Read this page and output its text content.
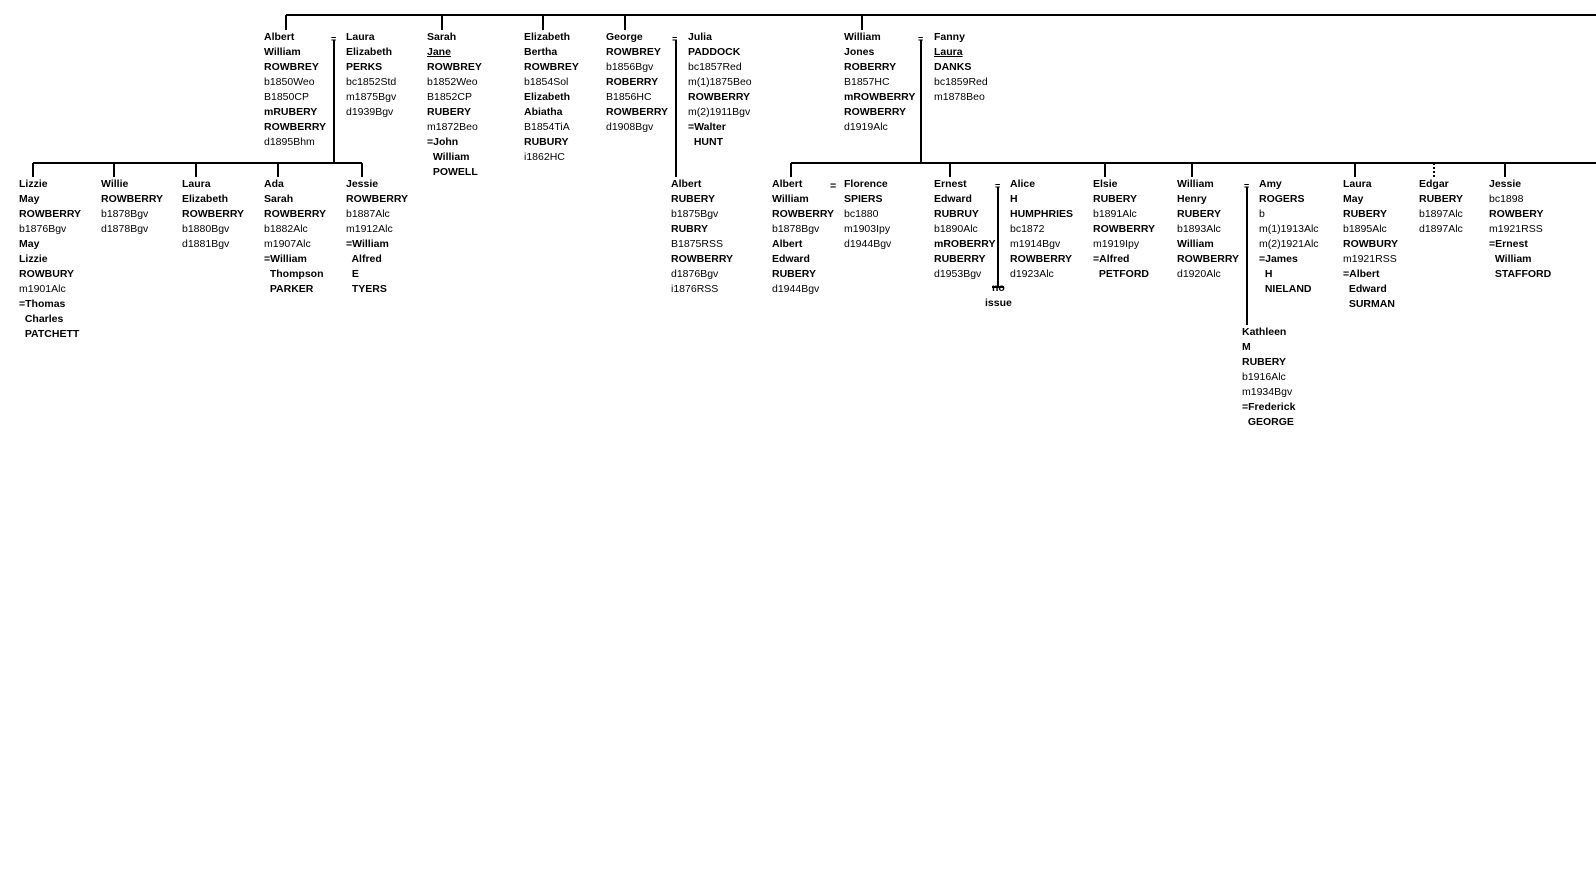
=	=	=
=	=	=
Albert
William
ROWBREY
b1850Weo
B1850CP
mRUBERY
ROWBERRY
d1895Bhm
Laura
Elizabeth
PERKS
bc1852Std
m1875Bgv
d1939Bgv
Sarah
Jane
ROWBREY
b1852Weo
B1852CP
RUBERY
m1872Beo
=John
William
POWELL
Elizabeth
Bertha
ROWBREY
b1854Sol
Elizabeth
Abiatha
B1854TiA
RUBURY
i1862HC
George
ROWBREY
b1856Bgv
ROBERRY
B1856HC
ROWBERRY
d1908Bgv
Julia
PADDOCK
bc1857Red
m(1)1875Beo
ROWBERRY
m(2)1911Bgv
=Walter
HUNT
William
Jones
ROBERRY
B1857HC
mROWBERRY
ROWBERRY
d1919Alc
Fanny
Laura
DANKS
bc1859Red
m1878Beo
Lizzie
May
ROWBERRY
b1876Bgv
May
Lizzie
ROWBURY
m1901Alc
=Thomas
Charles
PATCHETT
Willie
ROWBERRY
b1878Bgv
d1878Bgv
Laura
Elizabeth
ROWBERRY
b1880Bgv
d1881Bgv
Ada
Sarah
ROWBERRY
b1882Alc
m1907Alc
=William
Thompson
PARKER
Jessie
ROWBERRY
b1887Alc
m1912Alc
=William
Alfred
E
TYERS
Albert
RUBERY
b1875Bgv
RUBRY
B1875RSS
ROWBERRY
d1876Bgv
i1876RSS
Albert
William
ROWBERRY
b1878Bgv
Albert
Edward
RUBERY
d1944Bgv
Florence
SPIERS
bc1880
m1903Ipy
d1944Bgv
Ernest
Edward
RUBRUY
b1890Alc
mROBERRY
RUBERRY
d1953Bgv
Alice
H
HUMPHRIES
bc1872
m1914Bgv
ROWBERRY
d1923Alc
Elsie
RUBERY
b1891Alc
ROWBERRY
m1919Ipy
=Alfred
PETFORD
William
Henry
RUBERY
b1893Alc
William
ROWBERRY
d1920Alc
Amy
ROGERS
b
m(1)1913Alc
m(2)1921Alc
=James
H
NIELAND
Laura
May
RUBERY
b1895Alc
ROWBURY
m1921RSS
=Albert
Edward
SURMAN
Edgar
RUBERY
b1897Alc
d1897Alc
Jessie
bc1898
ROWBERY
m1921RSS
=Ernest
William
STAFFORD
Kathleen
M
RUBERY
b1916Alc
m1934Bgv
=Frederick
GEORGE
no
issue
